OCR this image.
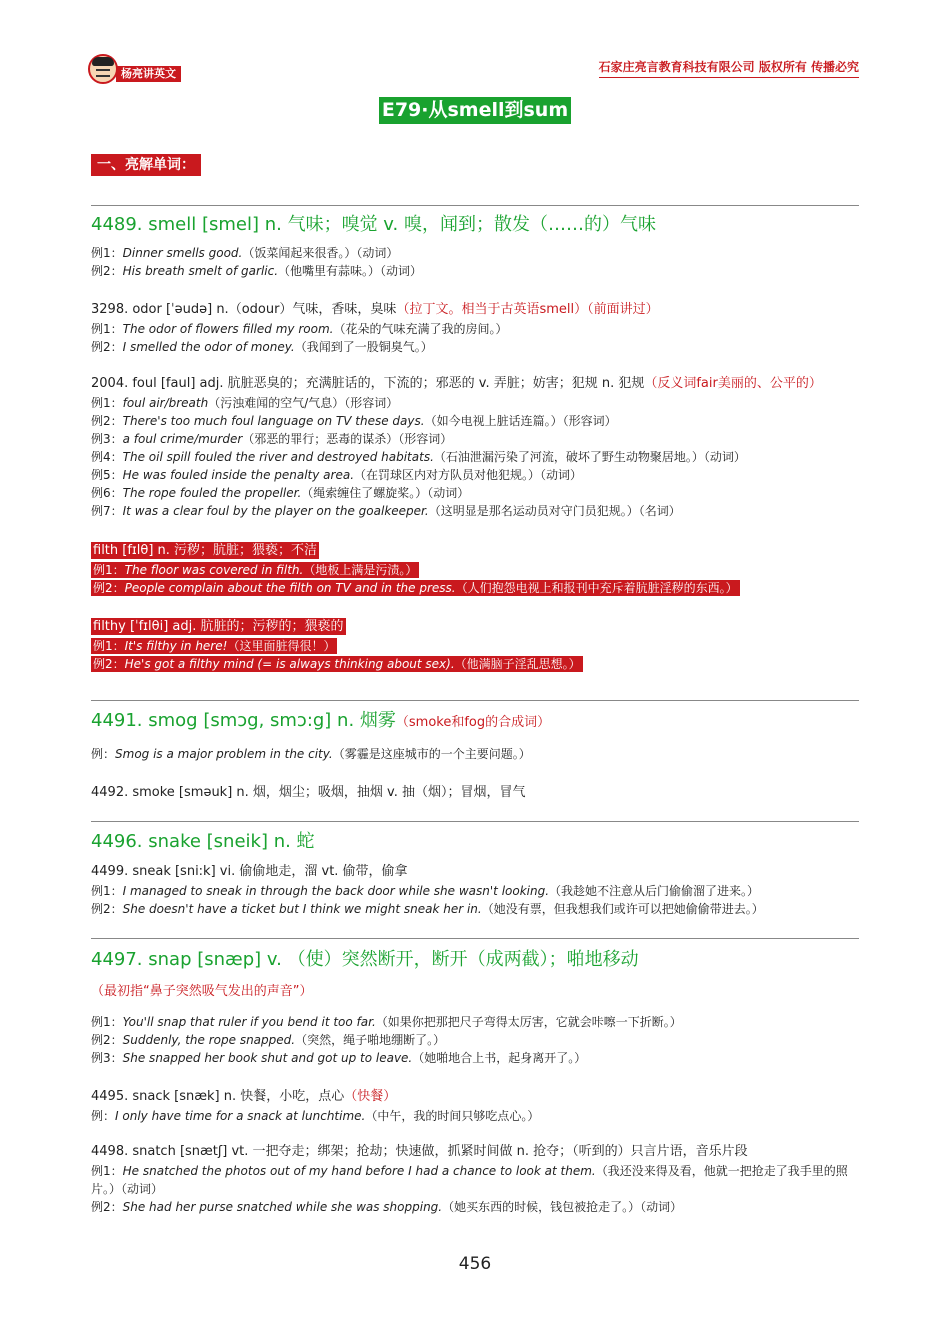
杨亮讲英文	石家庄亮言教育科技有限公司 版权所有 传播必究
E79·从smell到sum
一、亮解单词：
4489. smell [smel] n. 气味；嗅觉 v. 嗅，闻到；散发（……的）气味
例1：Dinner smells good.（饭菜闻起来很香。）（动词）
例2：His breath smelt of garlic.（他嘴里有蒜味。）（动词）
3298. odor [ˈəudə] n.（odour）气味，香味，臭味（拉丁文。相当于古英语smell）（前面讲过）
例1：The odor of flowers filled my room.（花朵的气味充满了我的房间。）
例2：I smelled the odor of money.（我闻到了一股铜臭气。）
2004. foul [faul] adj. 肮脏恶臭的；充满脏话的，下流的；邪恶的 v. 弄脏；妨害；犯规 n. 犯规（反义词fair美丽的、公平的）
例1：foul air/breath（污浊难闻的空气/气息）（形容词）
例2：There's too much foul language on TV these days.（如今电视上脏话连篇。）（形容词）
例3：a foul crime/murder（邪恶的罪行；恶毒的谋杀）（形容词）
例4：The oil spill fouled the river and destroyed habitats.（石油泄漏污染了河流，破坏了野生动物聚居地。）（动词）
例5：He was fouled inside the penalty area.（在罚球区内对方队员对他犯规。）（动词）
例6：The rope fouled the propeller.（绳索缠住了螺旋桨。）（动词）
例7：It was a clear foul by the player on the goalkeeper.（这明显是那名运动员对守门员犯规。）（名词）
filth [fɪlθ] n. 污秽；肮脏；猥亵；不洁
例1：The floor was covered in filth.（地板上满是污渍。）
例2：People complain about the filth on TV and in the press.（人们抱怨电视上和报刊中充斥着肮脏淫秽的东西。）
filthy [ˈfɪlθi] adj. 肮脏的；污秽的；猥亵的
例1：It's filthy in here!（这里面脏得很！）
例2：He's got a filthy mind (= is always thinking about sex).（他满脑子淫乱思想。）
4491. smog [smɔg, smɔ:g] n. 烟雾（smoke和fog的合成词）
例：Smog is a major problem in the city.（雾霾是这座城市的一个主要问题。）
4492. smoke [sməuk] n. 烟，烟尘；吸烟，抽烟 v. 抽（烟）；冒烟，冒气
4496. snake [sneik] n. 蛇
4499. sneak [sni:k] vi. 偷偷地走，溜 vt. 偷带，偷拿
例1：I managed to sneak in through the back door while she wasn't looking.（我趁她不注意从后门偷偷溜了进来。）
例2：She doesn't have a ticket but I think we might sneak her in.（她没有票，但我想我们或许可以把她偷偷带进去。）
4497. snap [snæp] v. （使）突然断开，断开（成两截）；啪地移动（最初指“鼻子突然吸气发出的声音”）
例1：You'll snap that ruler if you bend it too far.（如果你把那把尺子弯得太厉害，它就会咔嚓一下折断。）
例2：Suddenly, the rope snapped.（突然，绳子啪地绷断了。）
例3：She snapped her book shut and got up to leave.（她啪地合上书，起身离开了。）
4495. snack [snæk] n. 快餐，小吃，点心（快餐）
例：I only have time for a snack at lunchtime.（中午，我的时间只够吃点心。）
4498. snatch [snætʃ] vt. 一把夺走；绑架；抢劫；快速做，抓紧时间做 n. 抢夺；（听到的）只言片语，音乐片段
例1：He snatched the photos out of my hand before I had a chance to look at them.（我还没来得及看，他就一把抢走了我手里的照片。）（动词）
例2：She had her purse snatched while she was shopping.（她买东西的时候，钱包被抢走了。）（动词）
456
